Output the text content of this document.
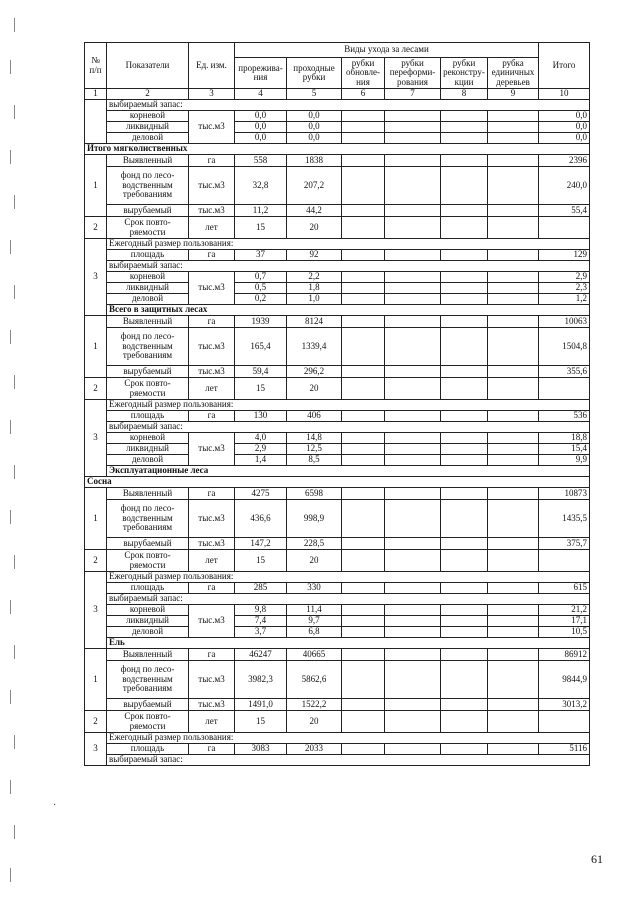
№ п/п	Показатели	Ед. изм.	Виды ухода за лесами						Итого
			прорежива-ния	проходные рубки	рубки обновле-ния	рубки переформи-рования	рубки реконстру-кции	рубка единичных деревьев	
1	2	3	4	5	6	7	8	9	10
	выбираемый запас:								
	корневой	тыс.м3	0,0	0,0					0,0
	ликвидный		0,0	0,0					0,0
	деловой		0,0	0,0					0,0
Итого мягколиственных									
1	Выявленный	га	558	1838					2396
	фонд по лесо-водственным требованиям	тыс.м3	32,8	207,2					240,0
	вырубаемый	тыс.м3	11,2	44,2					55,4
2	Срок повто-ряемости	лет	15	20					
3	Ежегодный размер пользования:								
	площадь	га	37	92					129
	выбираемый запас:								
	корневой	тыс.м3	0,7	2,2					2,9
	ликвидный		0,5	1,8					2,3
	деловой		0,2	1,0					1,2
	Всего в защитных лесах								
1	Выявленный	га	1939	8124					10063
	фонд по лесо-водственным требованиям	тыс.м3	165,4	1339,4					1504,8
	вырубаемый	тыс.м3	59,4	296,2					355,6
2	Срок повто-ряемости	лет	15	20					
3	Ежегодный размер пользования:								
	площадь	га	130	406					536
	выбираемый запас:								
	корневой	тыс.м3	4,0	14,8					18,8
	ликвидный		2,9	12,5					15,4
	деловой		1,4	8,5					9,9
	Эксплуатационные леса								
Сосна									
1	Выявленный	га	4275	6598					10873
	фонд по лесо-водственным требованиям	тыс.м3	436,6	998,9					1435,5
	вырубаемый	тыс.м3	147,2	228,5					375,7
2	Срок повто-ряемости	лет	15	20					
3	Ежегодный размер пользования:								
	площадь	га	285	330					615
	выбираемый запас:								
	корневой	тыс.м3	9,8	11,4					21,2
	ликвидный		7,4	9,7					17,1
	деловой		3,7	6,8					10,5
	Ель								
1	Выявленный	га	46247	40665					86912
	фонд по лесо-водственным требованиям	тыс.м3	3982,3	5862,6					9844,9
	вырубаемый	тыс.м3	1491,0	1522,2					3013,2
2	Срок повто-ряемости	лет	15	20					
3	Ежегодный размер пользования:								
	площадь	га	3083	2033					5116
	выбираемый запас:								
61
·
